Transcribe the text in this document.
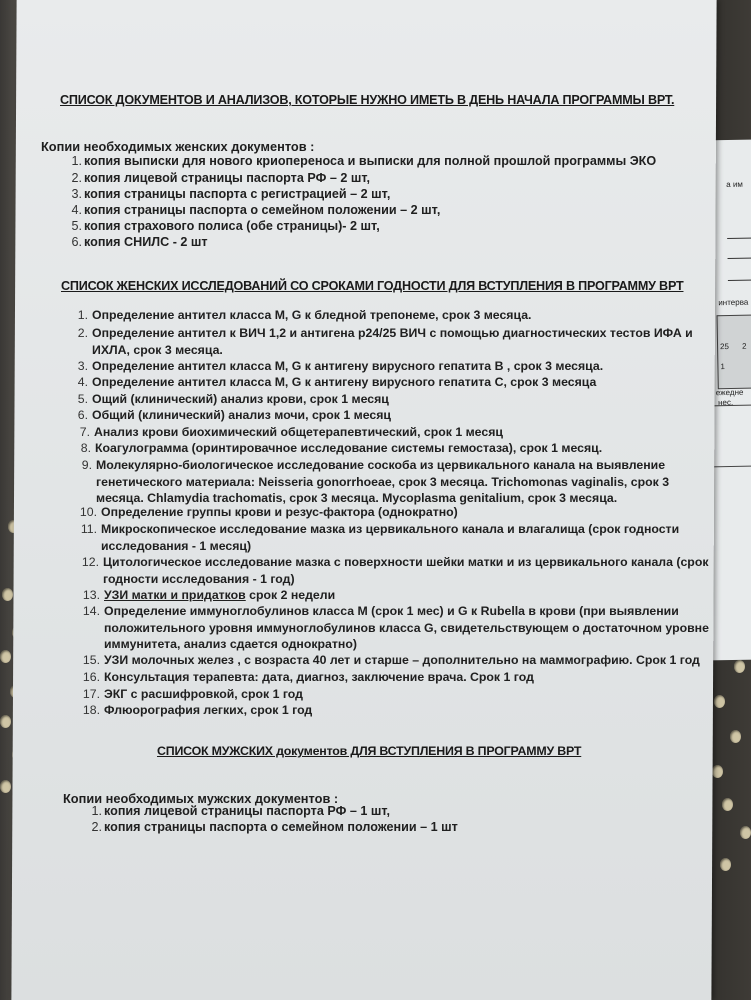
а им
интерва
25 2
1
ежедне
нес.
СПИСОК ДОКУМЕНТОВ И АНАЛИЗОВ, КОТОРЫЕ НУЖНО ИМЕТЬ В ДЕНЬ НАЧАЛА ПРОГРАММЫ ВРТ.
Копии необходимых женских документов :
1. копия выписки для нового криопереноса и выписки для полной прошлой программы ЭКО
2. копия лицевой страницы паспорта РФ – 2 шт,
3. копия страницы паспорта с регистрацией – 2 шт,
4. копия страницы паспорта о семейном положении – 2 шт,
5. копия страхового полиса (обе страницы)- 2 шт,
6. копия СНИЛС - 2 шт
СПИСОК ЖЕНСКИХ ИССЛЕДОВАНИЙ СО СРОКАМИ ГОДНОСТИ ДЛЯ ВСТУПЛЕНИЯ В ПРОГРАММУ ВРТ
1. Определение антител класса M, G к бледной трепонеме, срок 3 месяца.
2. Определение антител к ВИЧ 1,2 и антигена p24/25 ВИЧ с помощью диагностических тестов ИФА и
ИХЛА, срок 3 месяца.
3. Определение антител класса M, G к антигену вирусного гепатита B , срок 3 месяца.
4. Определение антител класса M, G к антигену вирусного гепатита C, срок 3 месяца
5. Ощий (клинический) анализ крови, срок 1 месяц
6. Общий (клинический) анализ мочи, срок 1 месяц
7. Анализ крови биохимический общетерапевтический, срок 1 месяц
8. Коагулограмма (оринтировачное исследование системы гемостаза), срок 1 месяц.
9. Молекулярно-биологическое исследование соскоба из цервикального канала на выявление
генетического материала: Neisseria gonorrhoeae, срок 3 месяца. Trichomonas vaginalis, срок 3
месяца. Chlamydia trachomatis, срок 3 месяца. Mycoplasma genitalium, срок 3 месяца.
10. Определение группы крови и резус-фактора (однократно)
11. Микроскопическое исследование мазка из цервикального канала и влагалища (срок годности
исследования - 1 месяц)
12. Цитологическое исследование мазка с поверхности шейки матки и из цервикального канала (срок
годности исследования - 1 год)
13. УЗИ матки и придатков срок 2 недели
14. Определение иммуноглобулинов класса M (срок 1 мес) и G к Rubella в крови (при выявлении
положительного уровня иммуноглобулинов класса G, свидетельствующем о достаточном уровне
иммунитета, анализ сдается однократно)
15. УЗИ молочных желез , с возраста 40 лет и старше – дополнительно на маммографию. Срок 1 год
16. Консультация терапевта: дата, диагноз, заключение врача. Срок 1 год
17. ЭКГ с расшифровкой, срок 1 год
18. Флюорография легких, срок 1 год
СПИСОК МУЖСКИХ документов ДЛЯ ВСТУПЛЕНИЯ В ПРОГРАММУ ВРТ
Копии необходимых мужских документов :
1. копия лицевой страницы паспорта РФ – 1 шт,
2. копия страницы паспорта о семейном положении – 1 шт
